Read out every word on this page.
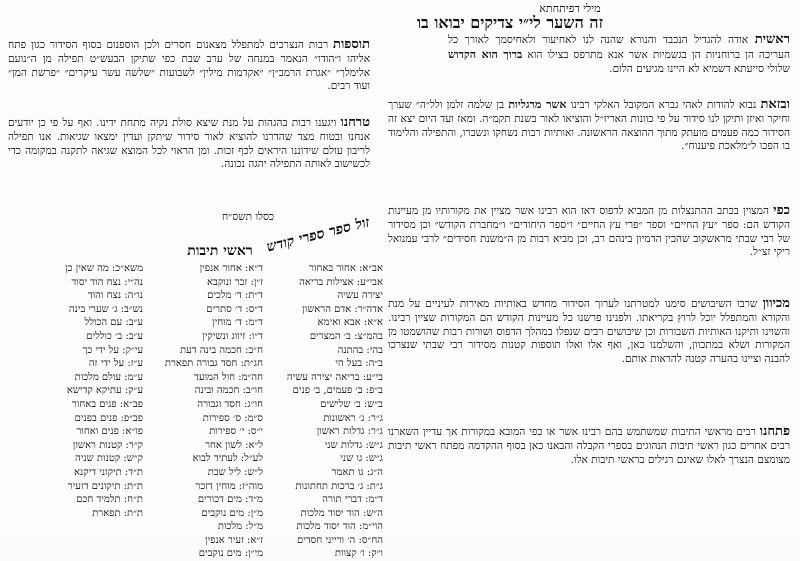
מילי דפיתחתא
זה השער לי״י צדיקים יבואו בו
ראשית אודה להגדיל הנכבד והנורא שהנה לנו לאחיעור ולאחיסמך לאורך כל העריכה הן ברוחניות הן בגשמיות אשר אנא מתרפס בצילו הוא ברוך הוא הקדוש שלולי סייעתא דשמיא לא היינו מגיעים הלום.
ובזאת נבוא להודות לאהי גברא המקובל האלקי רבינו אשר מרגליות בן שלמה זלמן ולל״ה״ שערך וחיקר ואיזן ותיקן לנו סידור על פי כוונות האריז״ל והוציאו לאור בשנת תקמ״ה. ומאז ועד היום יצא זה הסידור כמה פעמים מועתק מתוך ההוצאה הראשונה. ואותיות רבות נשחקו ונשברו, והתפילה והלימוד בו הפכו ל״מלאכת פיענוח״.
כפי המצוין בכתב ההתנצלות מן המביא לדפוס דאז הוא רבינו אשר מציין את מקורותיו מן מעיינות הקודש הם: ספר ״עץ החיים״ וספר ״פרי עץ החיים״ ו״ספר היחודים״ ו״מחברת הקודש״ וכן מסידור של רבי שבתי מראשקוב שהכין הדמיון בינהם רב, וכן מביא רבות מן ה״משנת חסידים״ לרבי עמנואל ריקי זצ״ל.
מכיוון שרבו השיבושים סימנו למטרתנו לערוך הסידור מחדש באותיות מאירות לעיניים על מנת והקורא והמתפלל יוכל לרוץ בקריאתו. ולפנינו פרשנו כל מעיינות הקודש הם המקורות שציין רבינו. והשוינו ותיקנו האותיות השבורות וכן שיבושים רבים שנפלו במהלך הדפוס ושורות רבות שהושמטו מן המקורות ושלא במתכוון, והשלמנו כאן, ואף אלו ואלו תוספות קטנות מסידור רבי שבתי שנצרכו להבנה וציינו בהערה קטנה להראות אותם.
פתחנו רבים מראשי התיבות שמשתמש בהם רבינו אשר או כפי המובא במקורות אך עדיין השארנו רבים אחרים כגון ראשי תיבות הנהוגים בספרי הקבלה והבאנו כאן בסוף ההקדמה מפתח ראשי תיבות מצומצם הנצרך לאלו שאינם רגילים בראשי תיבות אלו.
תוספות רבות הנצרכים למתפלל מצאנום חסרים ולכן הוספנום בסוף הסידור כגון פתח אליהו ו״הודו״ הנאמר במנחה של ערב שבת כפי שתיקן הבעש״ט תפילה מן ה״נועם אלימלך״ ״אגרת הרמב״ן״ ״אקדמות מילין״ לשבועות ״שלשה עשר עיקרים״ ״פרשת המן״ ועוד רבים.
טרחנו ויגענו רבות בהגהות על מנת שיצא סולת נקיה מתחת ידינו. ואף על פי כן יודעים אנחנו ובטוח מצד שהדרנו להוציא לאור סידור שיתקן ועדין ימצאו שגיאות. אנו תפילה לריבון עולם שידוננו היראים לכף זכות. ומן הראוי לכל המוצא שגיאה לתקנה במקומה כדי לכשישוב לאותה התפילה יהגה נכונה.
כסלו תשס״ח
זול ספר ספרי קודש
ראשי תיבות
אב״א: אחור באחור
אבי״ע: אצילות בריאה
יצירה עשיה
אדה״ר: אדם הראשון
א״א: אבא ואימא
בהמ״צ: ב׳ המצרים
בהי: בהתנה
ב״ה: בעל הי
בי״ע: בריאה יצירה עשיה
ב״פ: ב׳ פעמים, ב׳ פנים
ב״ש: ב׳ שלישים
ג״ר: ג׳ ראשונות
ג״ר: גדלות ראשון
ג״ש: גדלות שני
ג״ש: גו שני
ה״ג: גו תאמר
ג״ת: ג׳ ברכות תחתונות
ד״מ: דברי תורה
ה״ש: הוד יסוד מלכות
הוי״מ: הוד יסוד מלכות
הח״ס: ה׳ ורייני חסדים
ו״ק: ו׳ קצוות
ד״א: אחור אנפין
ז״ן: זכר ונוקבא
ד״ת: ד׳ מלכים
ד״ס: ד׳ סתרים
ד״מ: ד׳ מוחין
ד״ו: זיווג ונשיקין
ח״ב: חכמה בינה דעת
חג״ת: חסד גבורה תפארת
חה״מ: חול המועד
חו״ב: חכמה ובינה
חו״ג: חסד וגבורה
ס״מ: ס׳ ספירות
י״ס: י׳ ספירות
ל״א: לשון אחר
לע״ל: לעתיד לבוא
ל״ש: ליל שבת
מוה״ז: מוחין דזכר
מ״ד: מים דכורים
מ״ן: מים נוקבים
מ״ל: מלכות
ז״א: זעיר אנפין
מי״ן: מים נוקבים
משא״כ: מה שאין כן
נה״י: נצח הוד יסוד
נו״ה: נצח והוד
נש״ב: ג׳ שערי בינה
ע״ב: עם הכולל
ע״ב: ב׳ כוללים
עי״ק: על ידי כך
ע״ז: על ידי זה
ע״מ: עולם מלכות
ע״ק: עתיקא קדישא
פב״א: פנים באחור
פב״פ: פנים בפנים
פו״א: פנים ואחור
ק״ר: קטנות ראשון
ק״ש: קטנות שניה
ת״ד: תיקוני דיקנא
ת״ת: תיקונים דזעיר
ת״ח: תלמיד חכם
ת״ת: תפארת
